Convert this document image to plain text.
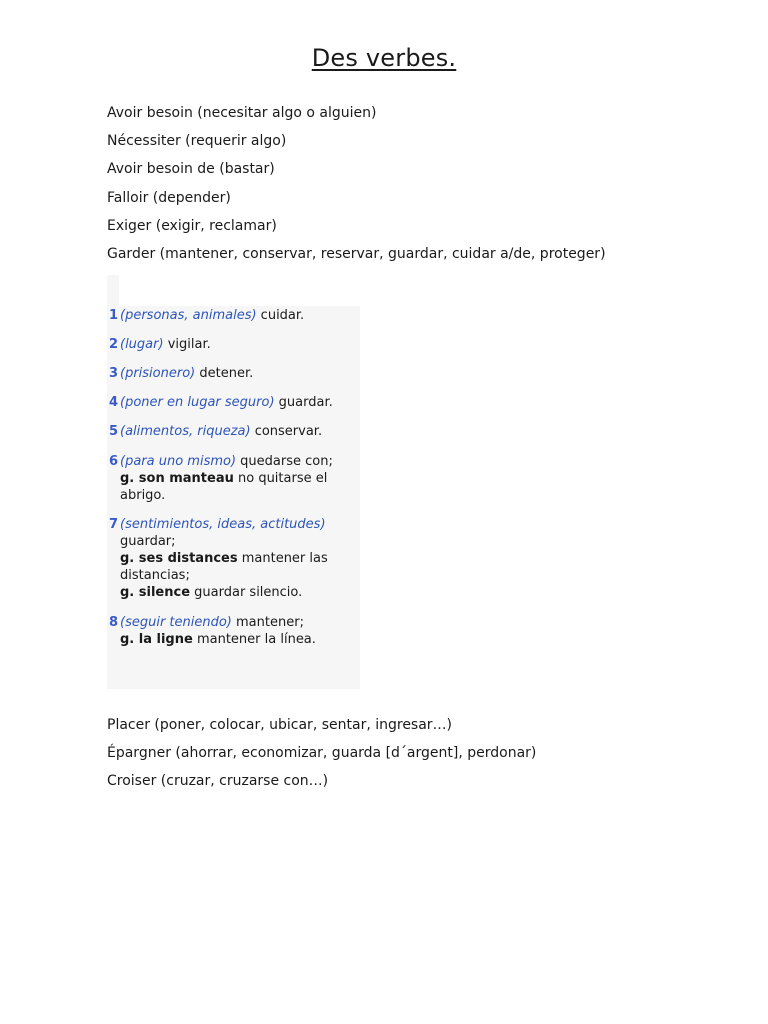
Des verbes.
Avoir besoin (necesitar algo o alguien)
Nécessiter (requerir algo)
Avoir besoin de (bastar)
Falloir (depender)
Exiger (exigir, reclamar)
Garder (mantener, conservar, reservar, guardar, cuidar a/de, proteger)
1 (personas, animales) cuidar.
2 (lugar) vigilar.
3 (prisionero) detener.
4 (poner en lugar seguro) guardar.
5 (alimentos, riqueza) conservar.
6 (para uno mismo) quedarse con;
g. son manteau no quitarse el abrigo.
7 (sentimientos, ideas, actitudes) guardar;
g. ses distances mantener las distancias;
g. silence guardar silencio.
8 (seguir teniendo) mantener;
g. la ligne mantener la línea.
Placer (poner, colocar, ubicar, sentar, ingresar…)
Épargner (ahorrar, economizar, guarda [d´argent], perdonar)
Croiser (cruzar, cruzarse con…)
